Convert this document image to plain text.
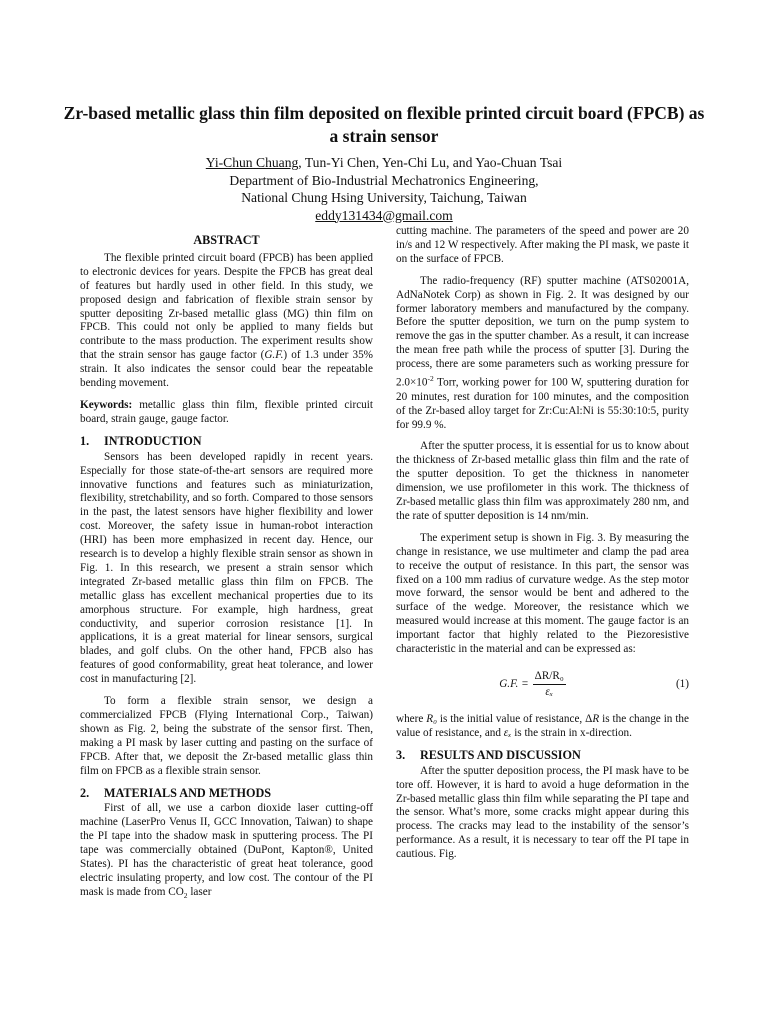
Zr-based metallic glass thin film deposited on flexible printed circuit board (FPCB) as a strain sensor
Yi-Chun Chuang, Tun-Yi Chen, Yen-Chi Lu, and Yao-Chuan Tsai
Department of Bio-Industrial Mechatronics Engineering,
National Chung Hsing University, Taichung, Taiwan
eddy131434@gmail.com
ABSTRACT

The flexible printed circuit board (FPCB) has been applied to electronic devices for years. Despite the FPCB has great deal of features but hardly used in other field. In this study, we proposed design and fabrication of flexible strain sensor by sputter depositing Zr-based metallic glass (MG) thin film on FPCB. This could not only be applied to many fields but contribute to the mass production. The experiment results show that the strain sensor has gauge factor (G.F.) of 1.3 under 35% strain. It also indicates the sensor could bear the repeatable bending movement.

Keywords: metallic glass thin film, flexible printed circuit board, strain gauge, gauge factor.

1.	INTRODUCTION

Sensors has been developed rapidly in recent years. Especially for those state-of-the-art sensors are required more innovative functions and features such as miniaturization, flexibility, stretchability, and so forth. Compared to those sensors in the past, the latest sensors have higher flexibility and lower cost. Moreover, the safety issue in human-robot interaction (HRI) has been more emphasized in recent day. Hence, our research is to develop a highly flexible strain sensor as shown in Fig. 1. In this research, we present a strain sensor which integrated Zr-based metallic glass thin film on FPCB. The metallic glass has excellent mechanical properties due to its amorphous structure. For example, high hardness, great conductivity, and superior corrosion resistance [1]. In applications, it is a great material for linear sensors, surgical blades, and golf clubs. On the other hand, FPCB also has features of good conformability, great heat tolerance, and lower cost in manufacturing [2].

To form a flexible strain sensor, we design a commercialized FPCB (Flying International Corp., Taiwan) shown as Fig. 2, being the substrate of the sensor first. Then, making a PI mask by laser cutting and pasting on the surface of FPCB. After that, we deposit the Zr-based metallic glass thin film on FPCB as a flexible strain sensor.

2.	MATERIALS AND METHODS

First of all, we use a carbon dioxide laser cutting-off machine (LaserPro Venus II, GCC Innovation, Taiwan) to shape the PI tape into the shadow mask in sputtering process. The PI tape was commercially obtained (DuPont, Kapton®, United States). PI has the characteristic of great heat tolerance, good electric insulating property, and low cost. The contour of the PI mask is made from $CO_2$ laser

cutting machine. The parameters of the speed and power are 20 in/s and 12 W respectively. After making the PI mask, we paste it on the surface of FPCB.

The radio-frequency (RF) sputter machine (ATS02001A, AdNaNotek Corp) as shown in Fig. 2. It was designed by our former laboratory members and manufactured by the company. Before the sputter deposition, we turn on the pump system to remove the gas in the sputter chamber. As a result, it can increase the mean free path while the process of sputter [3]. During the process, there are some parameters such as working pressure for $2.0\times 10^{-2}$ Torr, working power for 100 W, sputtering duration for 20 minutes, rest duration for 100 minutes, and the composition of the Zr-based alloy target for Zr:Cu:Al:Ni is 55:30:10:5, purity for 99.9 %.

After the sputter process, it is essential for us to know about the thickness of Zr-based metallic glass thin film and the rate of the sputter deposition. To get the thickness in nanometer dimension, we use profilometer in this work. The thickness of Zr-based metallic glass thin film was approximately 280 nm, and the rate of sputter deposition is 14 nm/min.

The experiment setup is shown in Fig. 3. By measuring the change in resistance, we use multimeter and clamp the pad area to receive the output of resistance. In this part, the sensor was fixed on a 100 mm radius of curvature wedge. As the step motor move forward, the sensor would be bent and adhered to the surface of the wedge. Moreover, the resistance which we measured would increase at this moment. The gauge factor is an important factor that highly related to the Piezoresistive characteristic in the material and can be expressed as:

G.F. = $\frac{\text{ΔR/R₀}}{\text{εₓ}}$	(1)

where R₀ is the initial value of resistance, ΔR is the change in the value of resistance, and εₓ is the strain in x-direction.

3.	RESULTS AND DISCUSSION

After the sputter deposition process, the PI mask have to be tore off. However, it is hard to avoid a huge deformation in the Zr-based metallic glass thin film while separating the PI tape and the sensor. What’s more, some cracks might appear during this process. The cracks may lead to the instability of the sensor’s performance. As a result, it is necessary to tear off the PI tape in cautious. Fig.
